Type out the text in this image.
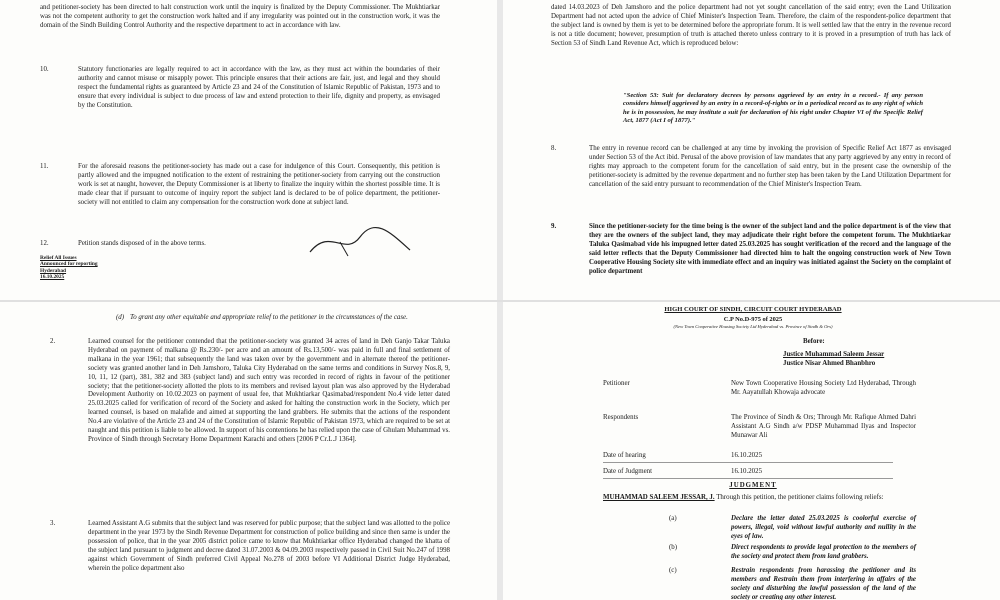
and petitioner-society has been directed to halt construction work until the inquiry is finalized by the Deputy Commissioner. The Mukhtiarkar was not the competent authority to get the construction work halted and if any irregularity was pointed out in the construction work, it was the domain of the Sindh Building Control Authority and the respective department to act in accordance with law.
10.	Statutory functionaries are legally required to act in accordance with the law, as they must act within the boundaries of their authority and cannot misuse or misapply power. This principle ensures that their actions are fair, just, and legal and they should respect the fundamental rights as guaranteed by Article 23 and 24 of the Constitution of Islamic Republic of Pakistan, 1973 and to ensure that every individual is subject to due process of law and extend protection to their life, dignity and property, as envisaged by the Constitution.
11.	For the aforesaid reasons the petitioner-society has made out a case for indulgence of this Court. Consequently, this petition is partly allowed and the impugned notification to the extent of restraining the petitioner-society from carrying out the construction work is set at naught, however, the Deputy Commissioner is at liberty to finalize the inquiry within the shortest possible time. It is made clear that if pursuant to outcome of inquiry report the subject land is declared to be of police department, the petitioner-society will not entitled to claim any compensation for the construction work done at subject land.
12.	Petition stands disposed of in the above terms.
Relief All Issues
Announced for reporting
Hyderabad
16.10.2025
dated 14.03.2023 of Deh Jamshoro and the police department had not yet sought cancellation of the said entry; even the Land Utilization Department had not acted upon the advice of Chief Minister's Inspection Team. Therefore, the claim of the respondent-police department that the subject land is owned by them is yet to be determined before the appropriate forum. It is well settled law that the entry in the revenue record is not a title document; however, presumption of truth is attached thereto unless contrary to it is proved in a presumption of truth has lack of Section 53 of Sindh Land Revenue Act, which is reproduced below:
"Section 53: Suit for declaratory decrees by persons aggrieved by an entry in a record.- If any person considers himself aggrieved by an entry in a record-of-rights or in a periodical record as to any right of which he is in possession, he may institute a suit for declaration of his right under Chapter VI of the Specific Relief Act, 1877 (Act I of 1877)."
8.	The entry in revenue record can be challenged at any time by invoking the provision of Specific Relief Act 1877 as envisaged under Section 53 of the Act ibid. Perusal of the above provision of law mandates that any party aggrieved by any entry in record of rights may approach to the competent forum for the cancellation of said entry, but in the present case the ownership of the petitioner-society is admitted by the revenue department and no further step has been taken by the Land Utilization Department for cancellation of the said entry pursuant to recommendation of the Chief Minister's Inspection Team.
9.	Since the petitioner-society for the time being is the owner of the subject land and the police department is of the view that they are the owners of the subject land, they may adjudicate their right before the competent forum. The Mukhtiarkar Taluka Qasimabad vide his impugned letter dated 25.03.2025 has sought verification of the record and the language of the said letter reflects that the Deputy Commissioner had directed him to halt the ongoing construction work of New Town Cooperative Housing Society site with immediate effect and an inquiry was initiated against the Society on the complaint of police department
(d) To grant any other equitable and appropriate relief to the petitioner in the circumstances of the case.
2.	Learned counsel for the petitioner contended that the petitioner-society was granted 34 acres of land in Deh Ganjo Takar Taluka Hyderabad on payment of malkana @ Rs.230/- per acre and an amount of Rs.13,500/- was paid in full and final settlement of malkana in the year 1961; that subsequently the land was taken over by the government and in alternate thereof the petitioner-society was granted another land in Deh Jamshoro, Taluka City Hyderabad on the same terms and conditions in Survey Nos.8, 9, 10, 11, 12 (part), 381, 382 and 383 (subject land) and such entry was recorded in record of rights in favour of the petitioner society; that the petitioner-society allotted the plots to its members and revised layout plan was also approved by the Hyderabad Development Authority on 10.02.2023 on payment of usual fee, that Mukhtiarkar Qasimabad/respondent No.4 vide letter dated 25.03.2025 called for verification of record of the Society and asked for halting the construction work in the Society, which per learned counsel, is based on malafide and aimed at supporting the land grabbers. He submits that the actions of the respondent No.4 are violative of the Article 23 and 24 of the Constitution of Islamic Republic of Pakistan 1973, which are required to be set at naught and this petition is liable to be allowed. In support of his contentions he has relied upon the case of Ghulam Muhammad vs. Province of Sindh through Secretary Home Department Karachi and others [2006 P Cr.L.J 1364].
3.	Learned Assistant A.G submits that the subject land was reserved for public purpose; that the subject land was allotted to the police department in the year 1973 by the Sindh Revenue Department for construction of police building and since then same is under the possession of police, that in the year 2005 district police came to know that Mukhtiarkar office Hyderabad changed the khatta of the subject land pursuant to judgment and decree dated 31.07.2003 & 04.09.2003 respectively passed in Civil Suit No.247 of 1998 against which Government of Sindh preferred Civil Appeal No.278 of 2003 before VI Additional District Judge Hyderabad, wherein the police department also
HIGH COURT OF SINDH, CIRCUIT COURT HYDERABAD
C.P No.D-975 of 2025
(New Town Cooperative Housing Society Ltd Hyderabad vs. Province of Sindh & Ors)
Before:
Justice Muhammad Saleem Jessar
Justice Nisar Ahmed Bhanbhro
Petitioner	New Town Cooperative Housing Society Ltd Hyderabad, Through Mr. Aayatullah Khowaja advocate
Respondents	The Province of Sindh & Ors; Through Mr. Rafique Ahmed Dahri Assistant A.G Sindh a/w PDSP Muhammad Ilyas and Inspector Munawar Ali
Date of hearing	16.10.2025
Date of Judgment	16.10.2025
JUDGMENT
MUHAMMAD SALEEM JESSAR, J. Through this petition, the petitioner claims following reliefs:
(a)	Declare the letter dated 25.03.2025 is coolorful exercise of powers, illegal, void without lawful authority and nullity in the eyes of law.
(b)	Direct respondents to provide legal protection to the members of the society and protect them from land grabbers.
(c)	Restrain respondents from harassing the petitioner and its members and Restrain them from interfering in affairs of the society and disturbing the lawful possession of the land of the society or creating any other interest.
